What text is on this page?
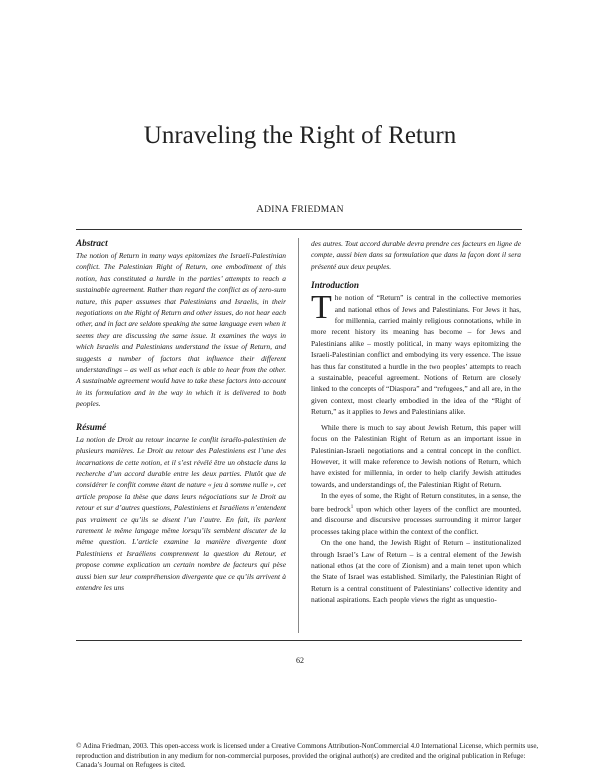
Unraveling the Right of Return
ADINA FRIEDMAN
Abstract

The notion of Return in many ways epitomizes the Israeli-Palestinian conflict. The Palestinian Right of Return, one embodiment of this notion, has constituted a hurdle in the parties’ attempts to reach a sustainable agreement. Rather than regard the conflict as of zero-sum nature, this paper assumes that Palestinians and Israelis, in their negotiations on the Right of Return and other issues, do not hear each other, and in fact are seldom speaking the same language even when it seems they are discussing the same issue. It examines the ways in which Israelis and Palestinians understand the issue of Return, and suggests a number of factors that influence their different understandings – as well as what each is able to hear from the other. A sustainable agreement would have to take these factors into account in its formulation and in the way in which it is delivered to both peoples.

Résumé

La notion de Droit au retour incarne le conflit israélo-palestinien de plusieurs manières. Le Droit au retour des Palestiniens est l’une des incarnations de cette notion, et il s’est révélé être un obstacle dans la recherche d’un accord durable entre les deux parties. Plutôt que de considérer le conflit comme étant de nature « jeu à somme nulle », cet article propose la thèse que dans leurs négociations sur le Droit au retour et sur d’autres questions, Palestiniens et Israéliens n’entendent pas vraiment ce qu’ils se disent l’un l’autre. En fait, ils parlent rarement le même langage même lorsqu’ils semblent discuter de la même question. L’article examine la manière divergente dont Palestiniens et Israéliens comprennent la question du Retour, et propose comme explication un certain nombre de facteurs qui pèse aussi bien sur leur compréhension divergente que ce qu’ils arrivent à entendre les uns

des autres. Tout accord durable devra prendre ces facteurs en ligne de compte, aussi bien dans sa formulation que dans la façon dont il sera présenté aux deux peuples.

Introduction

The notion of “Return” is central in the collective memories and national ethos of Jews and Palestinians. For Jews it has, for millennia, carried mainly religious connotations, while in more recent history its meaning has become – for Jews and Palestinians alike – mostly political, in many ways epitomizing the Israeli-Palestinian conflict and embodying its very essence. The issue has thus far constituted a hurdle in the two peoples’ attempts to reach a sustainable, peaceful agreement. Notions of Return are closely linked to the concepts of “Diaspora” and “refugees,” and all are, in the given context, most clearly embodied in the idea of the “Right of Return,” as it applies to Jews and Palestinians alike.

While there is much to say about Jewish Return, this paper will focus on the Palestinian Right of Return as an important issue in Palestinian-Israeli negotiations and a central concept in the conflict. However, it will make reference to Jewish notions of Return, which have existed for millennia, in order to help clarify Jewish attitudes towards, and understandings of, the Palestinian Right of Return.

In the eyes of some, the Right of Return constitutes, in a sense, the bare bedrock$^1$ upon which other layers of the conflict are mounted, and discourse and discursive processes surrounding it mirror larger processes taking place within the context of the conflict.

On the one hand, the Jewish Right of Return – institutionalized through Israel’s Law of Return – is a central element of the Jewish national ethos (at the core of Zionism) and a main tenet upon which the State of Israel was established. Similarly, the Palestinian Right of Return is a central constituent of Palestinians’ collective identity and national aspirations. Each people views the right as unquestio-

62
© Adina Friedman, 2003. This open-access work is licensed under a Creative Commons Attribution-NonCommercial 4.0 International License, which permits use, reproduction and distribution in any medium for non-commercial purposes, provided the original author(s) are credited and the original publication in Refuge: Canada’s Journal on Refugees is cited.
